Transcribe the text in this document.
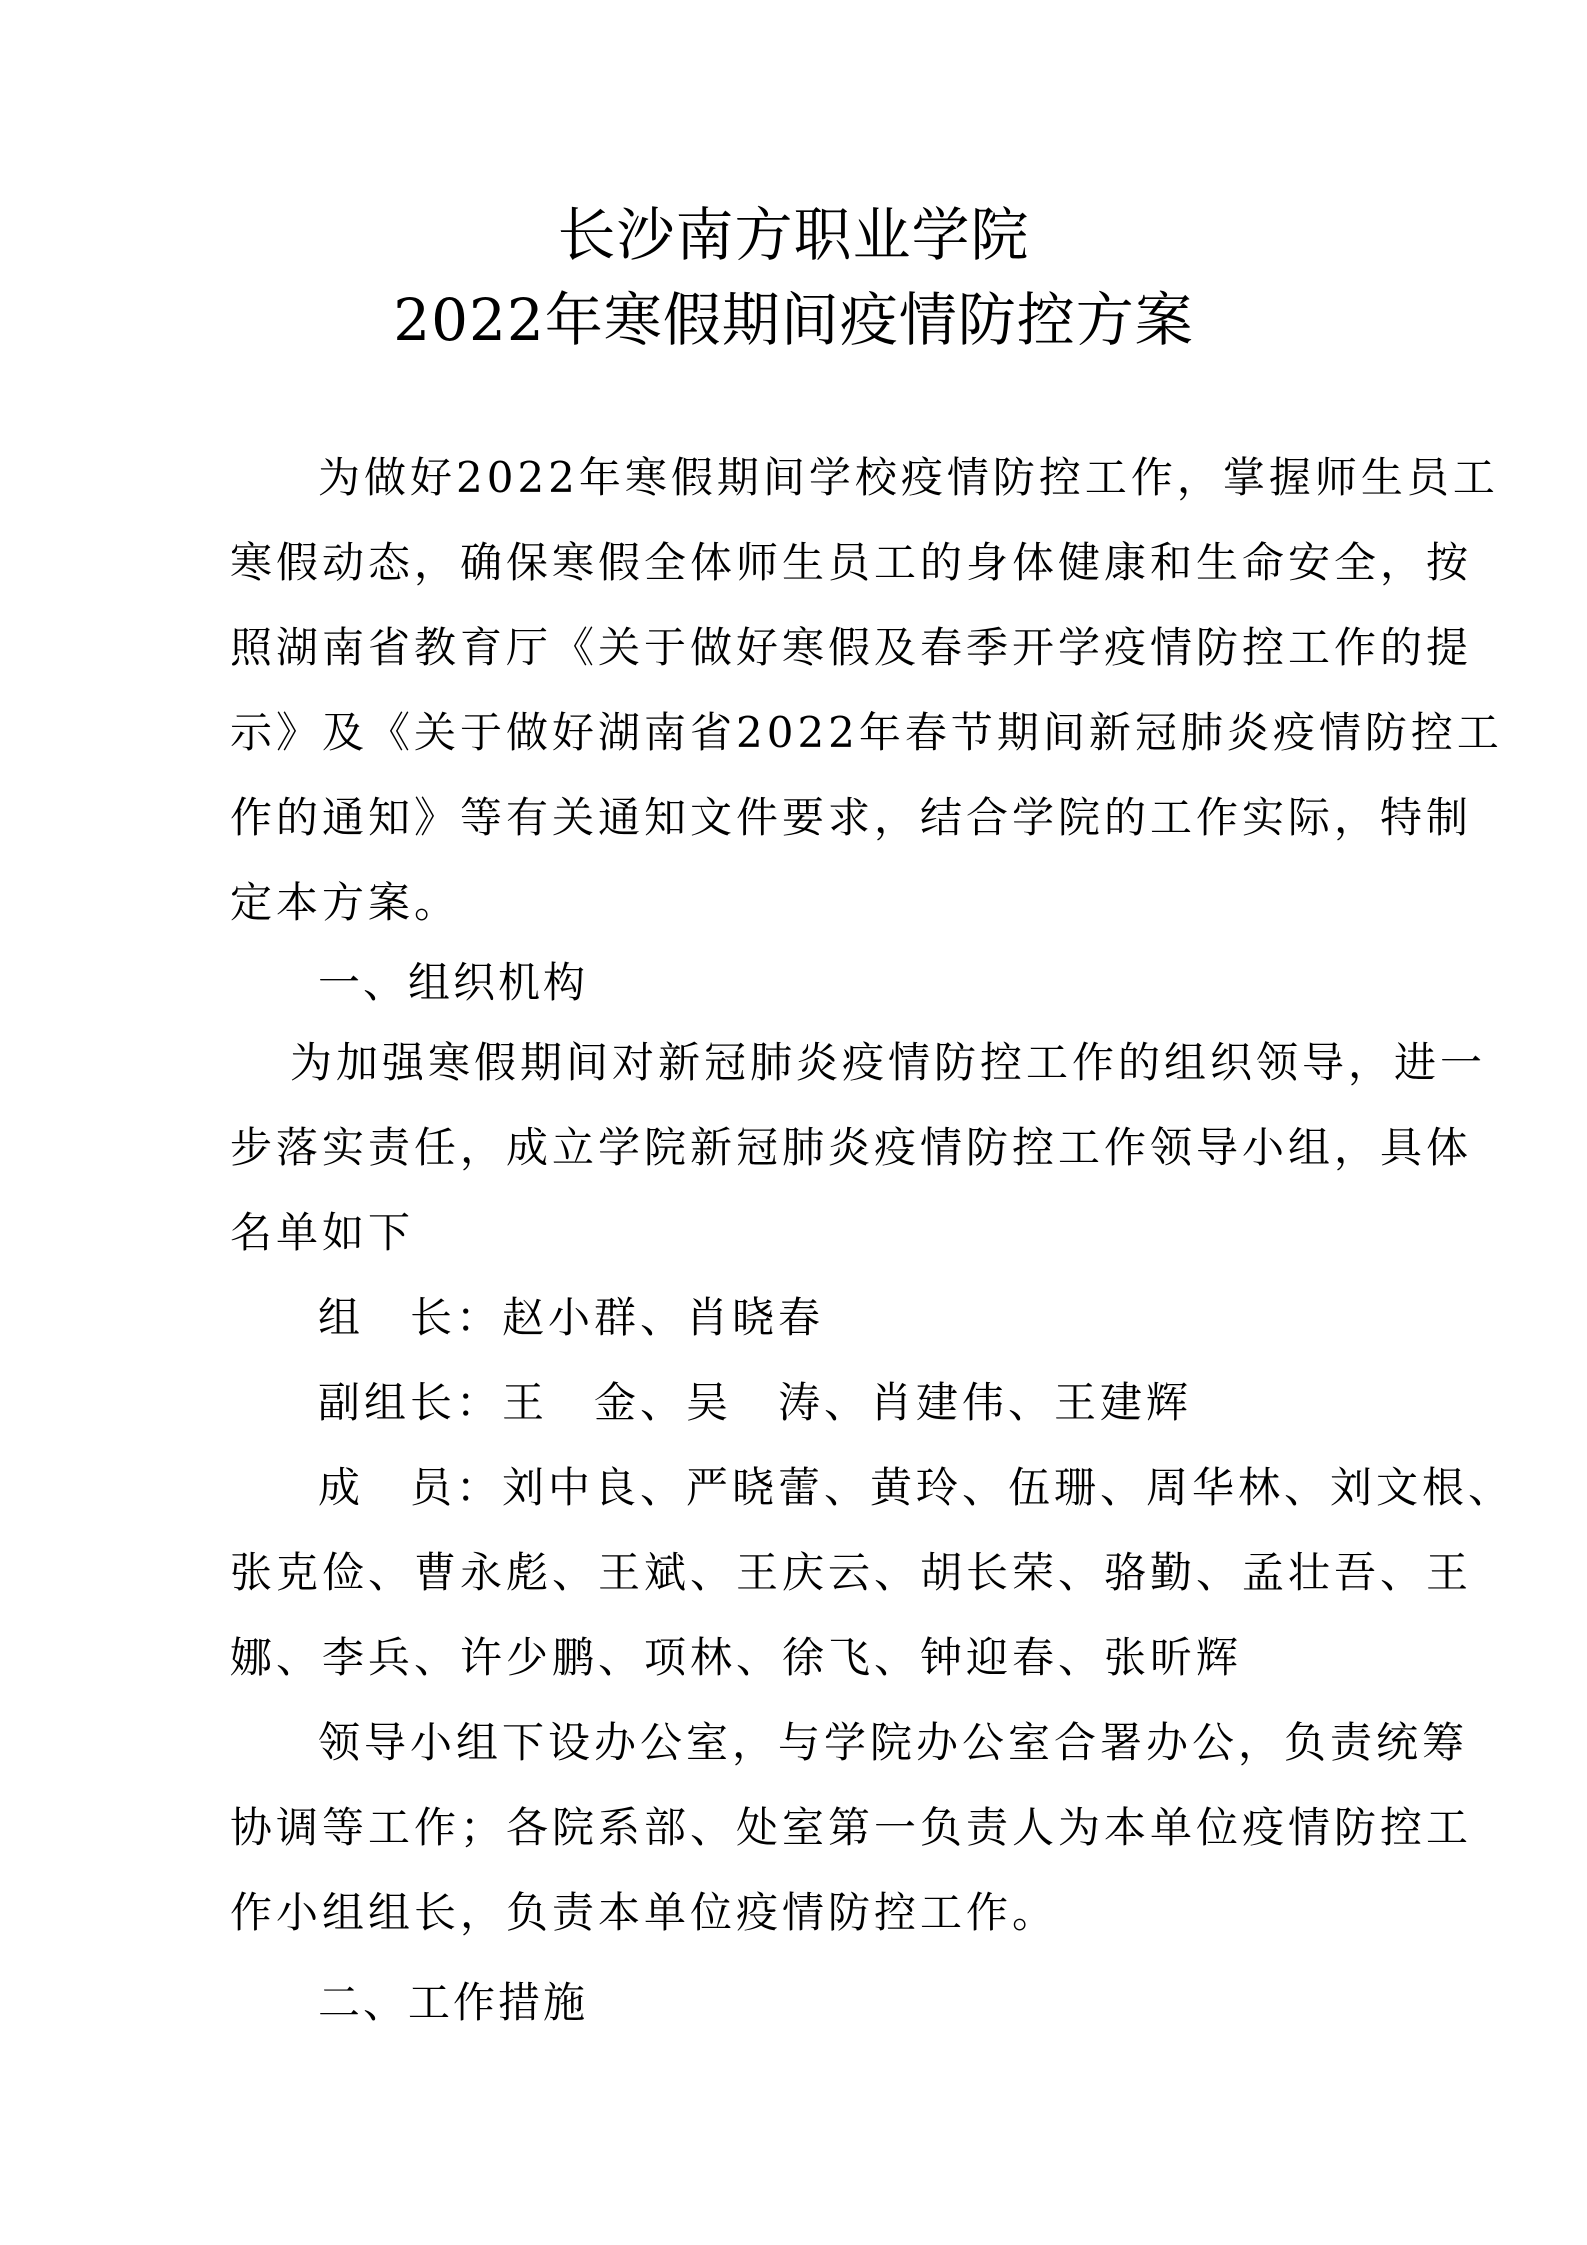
长沙南方职业学院
2022年寒假期间疫情防控方案
为做好2022年寒假期间学校疫情防控工作，掌握师生员工
寒假动态，确保寒假全体师生员工的身体健康和生命安全，按
照湖南省教育厅《关于做好寒假及春季开学疫情防控工作的提
示》及《关于做好湖南省2022年春节期间新冠肺炎疫情防控工
作的通知》等有关通知文件要求，结合学院的工作实际，特制
定本方案。
一、组织机构
为加强寒假期间对新冠肺炎疫情防控工作的组织领导，进一
步落实责任，成立学院新冠肺炎疫情防控工作领导小组，具体
名单如下
组　长：赵小群、肖晓春
副组长：王　金、吴　涛、肖建伟、王建辉
成　员：刘中良、严晓蕾、黄玲、伍珊、周华林、刘文根、
张克俭、曹永彪、王斌、王庆云、胡长荣、骆勤、孟壮吾、王
娜、李兵、许少鹏、项林、徐飞、钟迎春、张昕辉
领导小组下设办公室，与学院办公室合署办公，负责统筹
协调等工作；各院系部、处室第一负责人为本单位疫情防控工
作小组组长，负责本单位疫情防控工作。
二、工作措施
